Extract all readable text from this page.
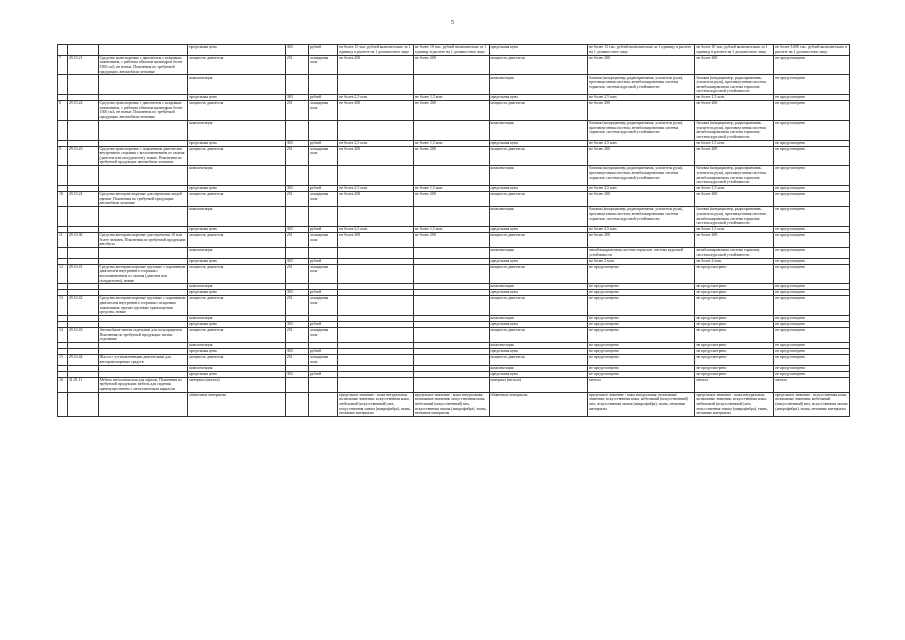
5
			предельная цена	383	рублей	не более 15 тыс. рублей включительно за 1 единицу в расчете на 1 должностное лицо	не более 10 тыс. рублей включительно за 1 единицу в расчете на 1 должностное лицо	предельная цена	не более 15 тыс. рублей включительно за 1 единицу в расчете на 1 должностное лицо	не более 10 тыс. рублей включительно за 1 единицу в расчете на 1 должностное лицо	не более 5.000 тыс. рублей включительно в расчете на 1 должностное лицо
7	29.10.21	Средства транспортные с двигателем с искровым зажиганием, с рабочим объемом цилиндров более 1500 см3, не новые. Пояснения по требуемой продукции: автомобили легковые	мощность двигателя	251	лошадиная сила	не более 200	не более 200	мощность двигателя	не более 200	не более 200	не предусмотрено
			комплектация					комплектация	базовая (кондиционер, радиоприемник, усилитель руля), противоугонная система; антиблокировочная система тормозов; система курсовой устойчивости	базовая (кондиционер, радиоприемник, усилитель руля), противоугонная система; антиблокировочная система тормозов; система курсовой устойчивости	не предусмотрено
			предельная цена	383	рублей	не более 2,5 млн.	не более 1,5 млн.	предельная цена	не более 2,5 млн.	не более 1,5 млн.	не предусмотрено
8	29.10.22	Средства транспортные с двигателем с искровым зажиганием, с рабочим объемом цилиндров более 1500 см3, не новые. Пояснения по требуемой продукции: автомобили легковые	мощность двигателя	251	лошадиная сила	не более 200	не более 200	мощность двигателя	не более 200	не более 200	не предусмотрено
			комплектация					комплектация	базовая (кондиционер, радиоприемник, усилитель руля), противоугонная система; антиблокировочная система тормозов; система курсовой устойчивости	базовая (кондиционер, радиоприемник, усилитель руля), противоугонная система; антиблокировочная система тормозов; система курсовой устойчивости	не предусмотрено
			предельная цена	383	рублей	не более 2,5 млн.	не более 1,5 млн.	предельная цена	не более 2,5 млн.	не более 1,5 млн.	не предусмотрено
9	29.10.23	Средства транспортные с поршневым двигателем внутреннего сгорания с воспламенением от сжатия (дизелем или полудизелем), новые. Пояснения по требуемой продукции: автомобили легковые	мощность двигателя	251	лошадиная сила	не более 200	не более 200	мощность двигателя	не более 200	не более 200	не предусмотрено
			комплектация					комплектация	базовая (кондиционер, радиоприемник, усилитель руля), противоугонная система; антиблокировочная система тормозов; система курсовой устойчивости	базовая (кондиционер, радиоприемник, усилитель руля), противоугонная система; антиблокировочная система тормозов; система курсовой устойчивости	не предусмотрено
			предельная цена	383	рублей	не более 2,5 млн.	не более 1,5 млн.	предельная цена	не более 2,5 млн.	не более 1,5 млн.	не предусмотрено
10	29.10.24	Средства автотранспортные для перевозки людей прочие. Пояснения по требуемой продукции: автомобили легковые	мощность двигателя	251	лошадиная сила	не более 200	не более 200	мощность двигателя	не более 200	не более 200	не предусмотрено
			комплектация					комплектация	базовая (кондиционер, радиоприемник, усилитель руля), противоугонная система; антиблокировочная система тормозов; система курсовой устойчивости	базовая (кондиционер, радиоприемник, усилитель руля), противоугонная система; антиблокировочная система тормозов; система курсовой устойчивости	не предусмотрено
			предельная цена	383	рублей	не более 2,5 млн.	не более 1,5 млн.	предельная цена	не более 2,5 млн.	не более 1,5 млн.	не предусмотрено
11	29.10.30	Средства автотранспортные для перевозки 10 или более человек. Пояснения по требуемой продукции: автобусы	мощность двигателя	251	лошадиная сила	не более 200	не более 200	мощность двигателя	не более 200	не более 200	не предусмотрено
			комплектация					комплектация	антиблокировочная система тормозов, система курсовой устойчивости	антиблокировочная система тормозов, система курсовой устойчивости	не предусмотрено
			предельная цена	383	рублей			предельная цена	не более 2 млн.	не более 2 млн.	не предусмотрено
12	29.10.41	Средства автотранспортные грузовые с поршневым двигателем внутреннего сгорания с воспламенением от сжатия (дизелем или полудизелем), новые	мощность двигателя	251	лошадиная сила			мощность двигателя	не предусмотрено	не предусмотрено	не предусмотрено
			комплектация					комплектация	не предусмотрено	не предусмотрено	не предусмотрено
			предельная цена	383	рублей			предельная цена	не предусмотрено	не предусмотрено	не предусмотрено
13	29.10.42	Средства автотранспортные грузовые с поршневым двигателем внутреннего сгорания с искровым зажиганием; прочие грузовые транспортные средства, новые	мощность двигателя	251	лошадиная сила			мощность двигателя	не предусмотрено	не предусмотрено	не предусмотрено
			комплектация					комплектация	не предусмотрено	не предусмотрено	не предусмотрено
			предельная цена	383	рублей			предельная цена	не предусмотрено	не предусмотрено	не предусмотрено
14	29.10.43	Автомобили-тягачи седельные для полуприцепов. Пояснения по требуемой продукции: тягачи седельные	мощность двигателя	251	лошадиная сила			мощность двигателя	не предусмотрено	не предусмотрено	не предусмотрено
			комплектация					комплектация	не предусмотрено	не предусмотрено	не предусмотрено
			предельная цена	383	рублей			предельная цена	не предусмотрено	не предусмотрено	не предусмотрено
15	29.10.44	Шасси с установленными двигателями для автотранспортных средств	мощность двигателя	251	лошадиная сила			мощность двигателя	не предусмотрено	не предусмотрено	не предусмотрено
			комплектация					комплектация	не предусмотрено	не предусмотрено	не предусмотрено
			предельная цена	383	рублей			предельная цена	не предусмотрено	не предусмотрено	не предусмотрено
16	31.01.11	Мебель металлическая для офисов. Пояснения по требуемой продукции: мебель для сидения, преимущественно с металлическим каркасом	материал (металл)					материал (металл)	металл	металл	металл
			обивочные материалы			предельное значение - кожа натуральная; возможные значения: искусственная кожа, мебельный (искусственный) мех, искусственная замша (микрофибра), ткань, нетканые материалы	предельное значение - кожа натуральная; возможные значения: искусственная кожа, мебельный (искусственный) мех, искусственная замша (микрофибра), ткань, нетканые материалы	обивочные материалы	предельное значение - кожа натуральная; возможные значения: искусственная кожа, мебельный (искусственный) мех, искусственная замша (микрофибра), ткань, нетканые материалы	предельное значение - кожа натуральная; возможные значения: искусственная кожа, мебельный (искусственный) мех, искусственная замша (микрофибра), ткань, нетканые материалы	предельное значение - искусственная кожа; возможные значения: мебельный (искусственный) мех, искусственная замша (микрофибра), ткань, нетканые материалы
